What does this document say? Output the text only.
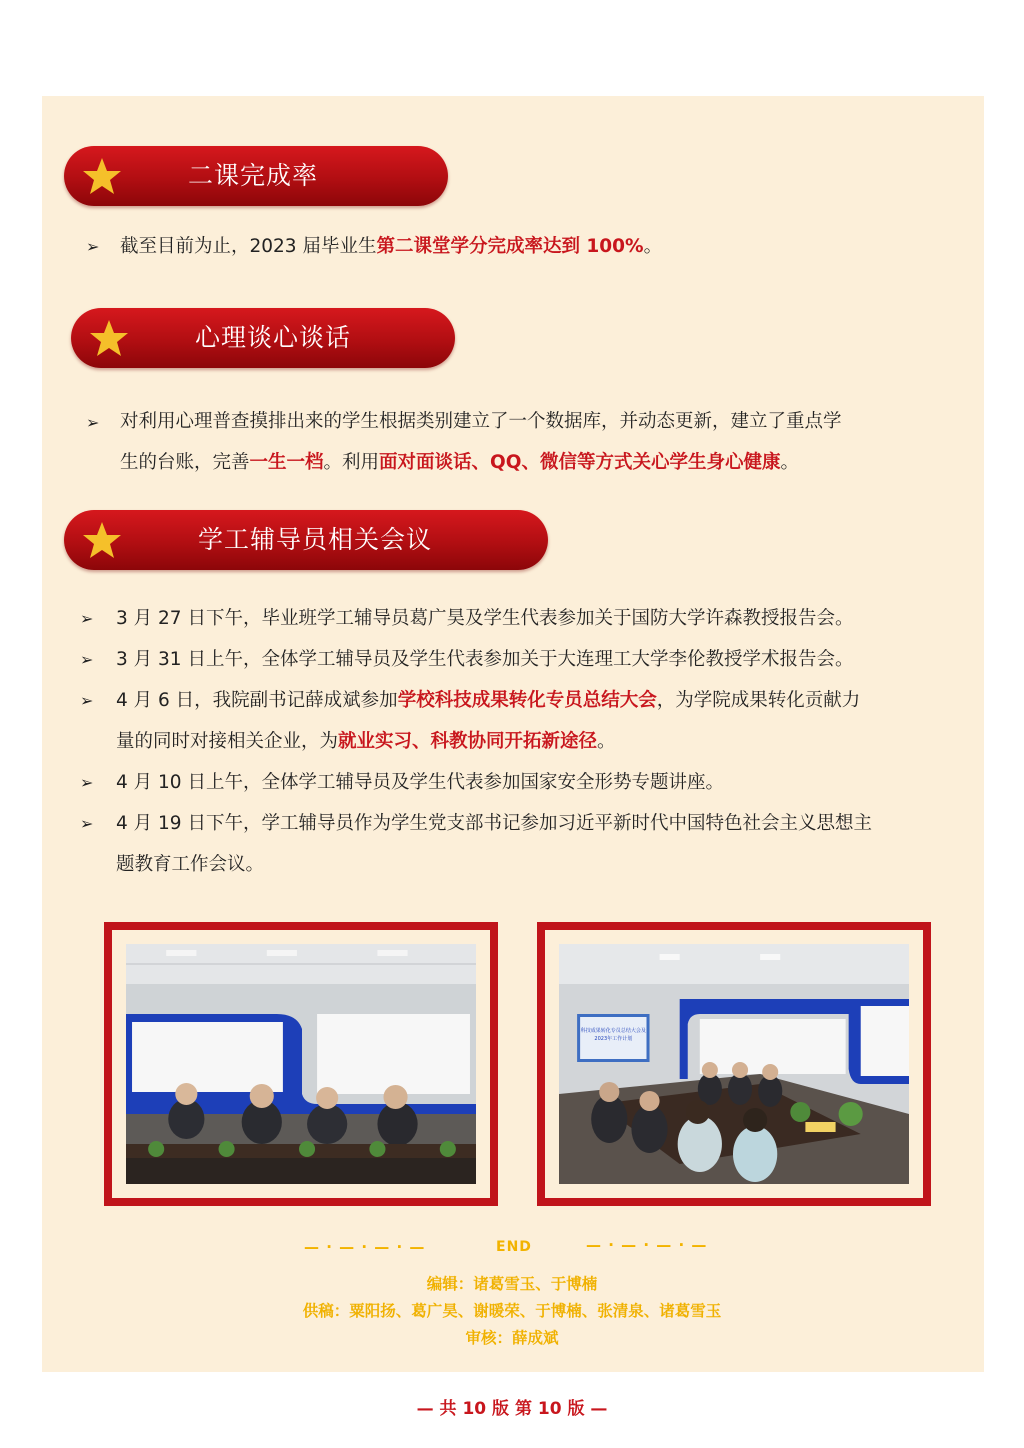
二课完成率
➢ 截至目前为止，2023 届毕业生第二课堂学分完成率达到 100%。
心理谈心谈话
➢ 对利用心理普查摸排出来的学生根据类别建立了一个数据库，并动态更新，建立了重点学
生的台账，完善一生一档。利用面对面谈话、QQ、微信等方式关心学生身心健康。
学工辅导员相关会议
➢ 3 月 27 日下午，毕业班学工辅导员葛广昊及学生代表参加关于国防大学许森教授报告会。
➢ 3 月 31 日上午，全体学工辅导员及学生代表参加关于大连理工大学李伦教授学术报告会。
➢ 4 月 6 日，我院副书记薛成斌参加学校科技成果转化专员总结大会，为学院成果转化贡献力
量的同时对接相关企业，为就业实习、科教协同开拓新途径。
➢ 4 月 10 日上午，全体学工辅导员及学生代表参加国家安全形势专题讲座。
➢ 4 月 19 日下午，学工辅导员作为学生党支部书记参加习近平新时代中国特色社会主义思想主
题教育工作会议。
科技成果转化专员总结大会及
2023年工作计划
— · — · — · —	END	— · — · — · —
编辑：诸葛雪玉、于博楠
供稿：粟阳扬、葛广昊、谢暖荣、于博楠、张清泉、诸葛雪玉
审核：薛成斌
— 共 10 版 第 10 版 —
